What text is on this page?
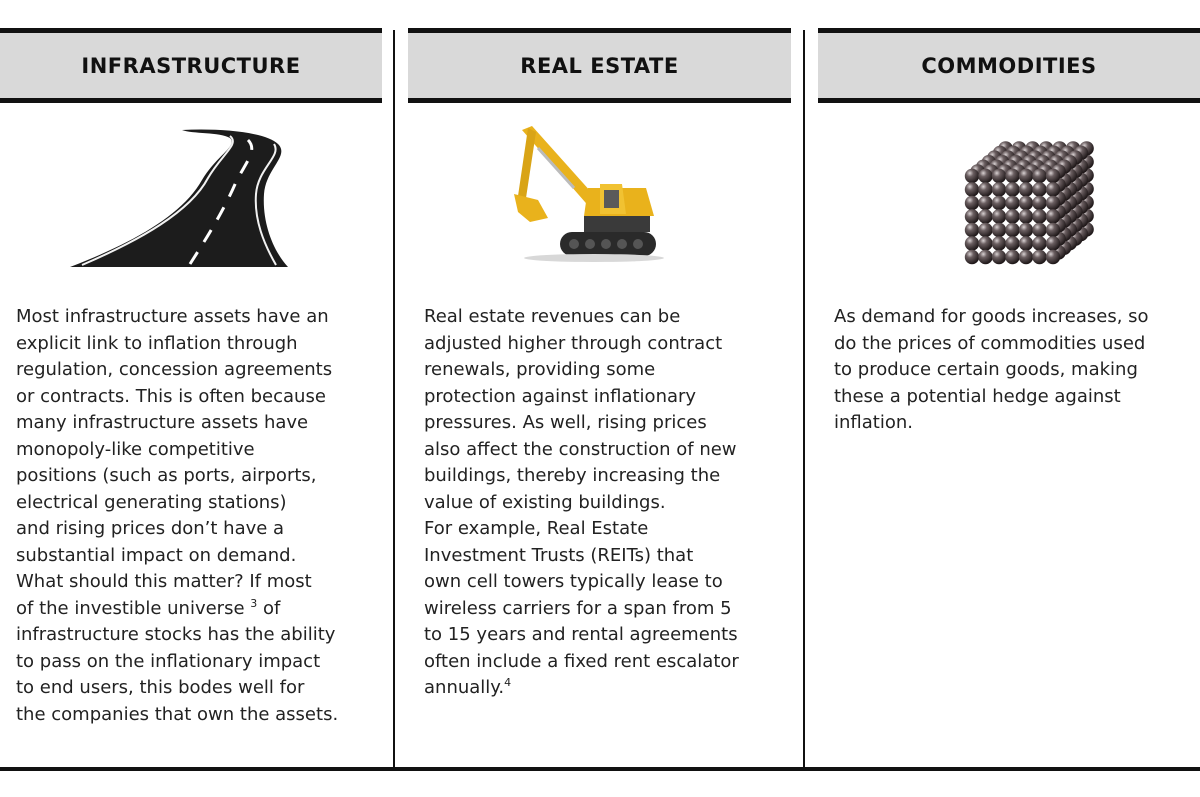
INFRASTRUCTURE

Most infrastructure assets have an

explicit link to inflation through

regulation, concession agreements

or contracts. This is often because

many infrastructure assets have

monopoly-like competitive

positions (such as ports, airports,

electrical generating stations)

and rising prices don’t have a

substantial impact on demand.

What should this matter? If most

of the investible universe $^3$ of

infrastructure stocks has the ability

to pass on the inflationary impact

to end users, this bodes well for

the companies that own the assets.

REAL ESTATE

Real estate revenues can be

adjusted higher through contract

renewals, providing some

protection against inflationary

pressures. As well, rising prices

also affect the construction of new

buildings, thereby increasing the

value of existing buildings.

For example, Real Estate

Investment Trusts (REITs) that

own cell towers typically lease to

wireless carriers for a span from 5

to 15 years and rental agreements

often include a fixed rent escalator

annually.$^4$

COMMODITIES

As demand for goods increases, so

do the prices of commodities used

to produce certain goods, making

these a potential hedge against

inflation.
